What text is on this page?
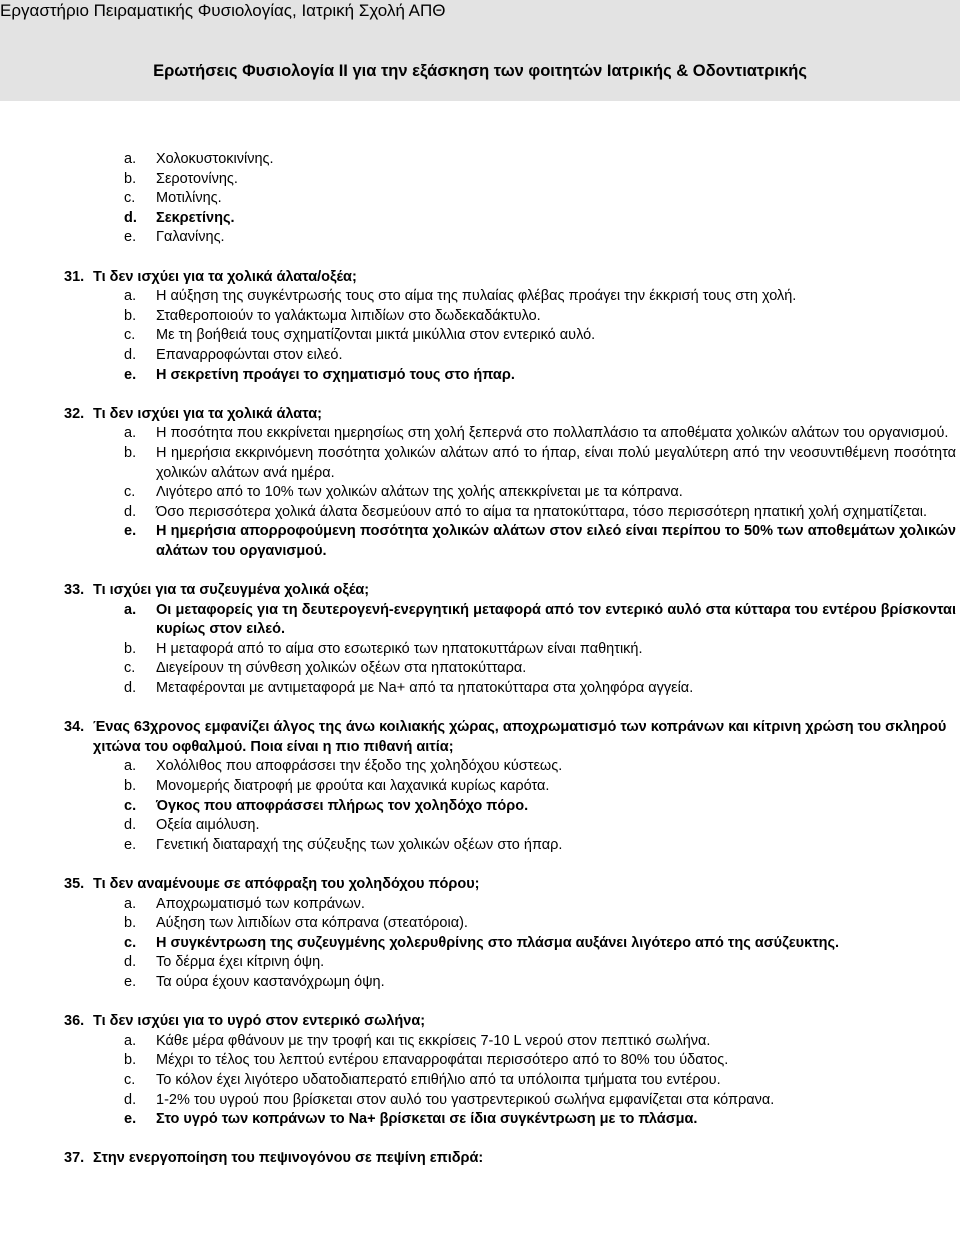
Εργαστήριο Πειραματικής Φυσιολογίας, Ιατρική Σχολή ΑΠΘ
Ερωτήσεις Φυσιολογία ΙΙ για την εξάσκηση των φοιτητών Ιατρικής & Οδοντιατρικής
a.	Χολοκυστοκινίνης.
b.	Σεροτονίνης.
c.	Μοτιλίνης.
d.	Σεκρετίνης.
e.	Γαλανίνης.
31. Τι δεν ισχύει για τα χολικά άλατα/οξέα;
a.	Η αύξηση της συγκέντρωσής τους στο αίμα της πυλαίας φλέβας προάγει την έκκρισή τους στη χολή.
b.	Σταθεροποιούν το γαλάκτωμα λιπιδίων στο δωδεκαδάκτυλο.
c.	Με τη βοήθειά τους σχηματίζονται μικτά μικύλλια στον εντερικό αυλό.
d.	Επαναρροφώνται στον ειλεό.
e.	Η σεκρετίνη προάγει το σχηματισμό τους στο ήπαρ.
32. Τι δεν ισχύει για τα χολικά άλατα;
a.	Η ποσότητα που εκκρίνεται ημερησίως στη χολή ξεπερνά στο πολλαπλάσιο τα αποθέματα χολικών αλάτων του οργανισμού.
b.	Η ημερήσια εκκρινόμενη ποσότητα χολικών αλάτων από το ήπαρ, είναι πολύ μεγαλύτερη από την νεοσυντιθέμενη ποσότητα χολικών αλάτων ανά ημέρα.
c.	Λιγότερο από το 10% των χολικών αλάτων της χολής απεκκρίνεται με τα κόπρανα.
d.	Όσο περισσότερα χολικά άλατα δεσμεύουν από το αίμα τα ηπατοκύτταρα, τόσο περισσότερη ηπατική χολή σχηματίζεται.
e.	Η ημερήσια απορροφούμενη ποσότητα χολικών αλάτων στον ειλεό είναι περίπου το 50% των αποθεμάτων χολικών αλάτων του οργανισμού.
33. Τι ισχύει για τα συζευγμένα χολικά οξέα;
a.	Οι μεταφορείς για τη δευτερογενή-ενεργητική μεταφορά από τον εντερικό αυλό στα κύτταρα του εντέρου βρίσκονται κυρίως στον ειλεό.
b.	Η μεταφορά από το αίμα στο εσωτερικό των ηπατοκυττάρων είναι παθητική.
c.	Διεγείρουν τη σύνθεση χολικών οξέων στα ηπατοκύτταρα.
d.	Μεταφέρονται με αντιμεταφορά με Na+ από τα ηπατοκύτταρα στα χοληφόρα αγγεία.
34. Ένας 63χρονος εμφανίζει άλγος της άνω κοιλιακής χώρας, αποχρωματισμό των κοπράνων και κίτρινη χρώση του σκληρού χιτώνα του οφθαλμού. Ποια είναι η πιο πιθανή αιτία;
a.	Χολόλιθος που αποφράσσει την έξοδο της χοληδόχου κύστεως.
b.	Μονομερής διατροφή με φρούτα και λαχανικά κυρίως καρότα.
c.	Όγκος που αποφράσσει πλήρως τον χοληδόχο πόρο.
d.	Οξεία αιμόλυση.
e.	Γενετική διαταραχή της σύζευξης των χολικών οξέων στο ήπαρ.
35. Τι δεν αναμένουμε σε απόφραξη του χοληδόχου πόρου;
a.	Αποχρωματισμό των κοπράνων.
b.	Αύξηση των λιπιδίων στα κόπρανα (στεατόροια).
c.	Η συγκέντρωση της συζευγμένης χολερυθρίνης στο πλάσμα αυξάνει λιγότερο από της ασύζευκτης.
d.	Το δέρμα έχει κίτρινη όψη.
e.	Τα ούρα έχουν καστανόχρωμη όψη.
36. Τι δεν ισχύει για το υγρό στον εντερικό σωλήνα;
a.	Κάθε μέρα φθάνουν με την τροφή και τις εκκρίσεις 7-10 L νερού στον πεπτικό σωλήνα.
b.	Μέχρι το τέλος του λεπτού εντέρου επαναρροφάται περισσότερο από το 80% του ύδατος.
c.	Το κόλον έχει λιγότερο υδατοδιαπερατό επιθήλιο από τα υπόλοιπα τμήματα του εντέρου.
d.	1-2% του υγρού που βρίσκεται στον αυλό του γαστρεντερικού σωλήνα εμφανίζεται στα κόπρανα.
e.	Στο υγρό των κοπράνων το Na+ βρίσκεται σε ίδια συγκέντρωση με το πλάσμα.
37. Στην ενεργοποίηση του πεψινογόνου σε πεψίνη επιδρά:
